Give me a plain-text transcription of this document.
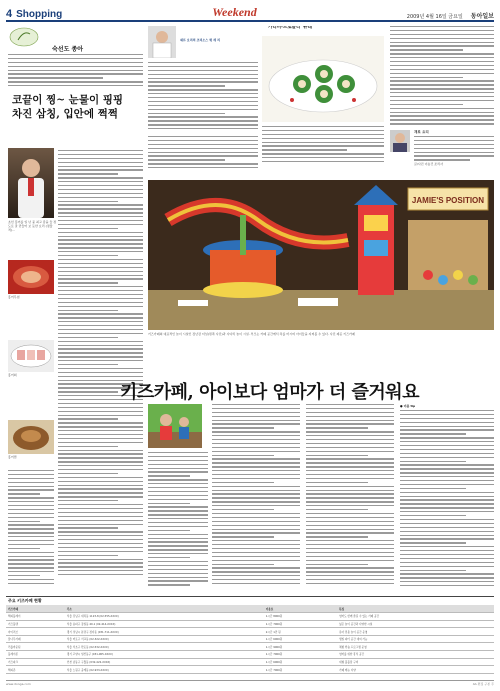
4 Shopping	Weekend	2009년 4월 16일 금요일 동아일보
숙선도 종아
코끝이 찡~ 눈물이 핑핑
차진 삼칭, 입안에 쩍쩍
초선 홍어를 일 년 중 최고 감을 들 정도로 잘 만들어 보 듯한 요리 (정물적)...
홍어무침
홍어회
홍어찜
셰프 요리의 조리소스 혁 세 리
가리비-브로콜리 '퓨레'
재료 요리
글/사진 이승건 조리사
JAMIE'S POSITION
키즈카페의 대표적인 놀이 시설인 장난감 터널(왼쪽 사진)과 사다리 놀이 시설. 부모는 카페 공간에서 차를 마시며 아이들을 지켜볼 수 있다. 사진 제공 키즈카페
키즈카페, 아이보다 엄마가 더 즐거워요
● 이용 tip
주요 키즈카페 현황
키즈카페	주소	이용료	특징
해피플레이	서울 강남구 대치동 1123-8 (02-555-XXXX)	1시간 8000원	엄마도 함께 즐길 수 있는 카페 공간
키즈플랜	서울 송파구 잠실동 40-1 (02-414-XXXX)	1시간 7000원	넓은 놀이 공간과 다양한 시설
아이러브	경기 성남시 분당구 정자동 (031-711-XXXX)	2시간 1만 원	유아 전용 놀이 공간 운영
꿈나무카페	서울 마포구 서교동 (02-322-XXXX)	1시간 6000원	생일 파티 공간 대여 가능
리틀마운틴	서울 서초구 반포동 (02-532-XXXX)	1시간 9000원	체험 학습 프로그램 운영
플레이존	경기 고양시 일산동구 (031-905-XXXX)	1시간 7000원	엄마를 위한 휴식 공간
키즈파크	인천 남동구 구월동 (032-422-XXXX)	1시간 6000원	대형 볼풀장 구비
해피존	서울 노원구 중계동 (02-933-XXXX)	1시간 7000원	카페 메뉴 다양
www.donga.com	4A 편집 구본 주
